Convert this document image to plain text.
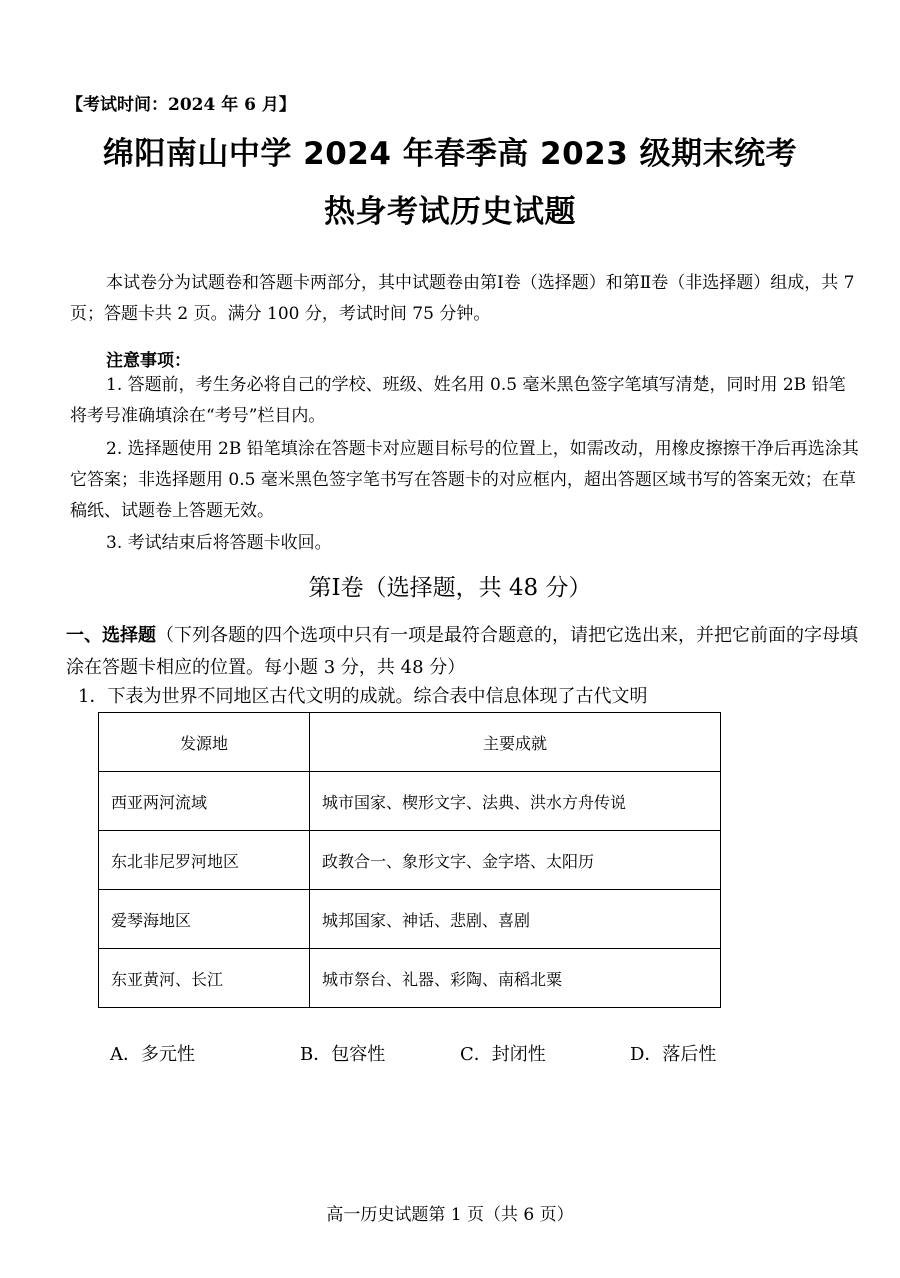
【考试时间：2024 年 6 月】
绵阳南山中学 2024 年春季高 2023 级期末统考
热身考试历史试题
本试卷分为试题卷和答题卡两部分，其中试题卷由第Ⅰ卷（选择题）和第Ⅱ卷（非选择题）组成，共 7 页；答题卡共 2 页。满分 100 分，考试时间 75 分钟。
注意事项：
1. 答题前，考生务必将自己的学校、班级、姓名用 0.5 毫米黑色签字笔填写清楚，同时用 2B 铅笔将考号准确填涂在“考号”栏目内。
2. 选择题使用 2B 铅笔填涂在答题卡对应题目标号的位置上，如需改动，用橡皮擦擦干净后再选涂其它答案；非选择题用 0.5 毫米黑色签字笔书写在答题卡的对应框内，超出答题区域书写的答案无效；在草稿纸、试题卷上答题无效。
3. 考试结束后将答题卡收回。
第Ⅰ卷（选择题，共 48 分）
一、选择题（下列各题的四个选项中只有一项是最符合题意的，请把它选出来，并把它前面的字母填涂在答题卡相应的位置。每小题 3 分，共 48 分）
1．下表为世界不同地区古代文明的成就。综合表中信息体现了古代文明
发源地	主要成就
西亚两河流域	城市国家、楔形文字、法典、洪水方舟传说
东北非尼罗河地区	政教合一、象形文字、金字塔、太阳历
爱琴海地区	城邦国家、神话、悲剧、喜剧
东亚黄河、长江	城市祭台、礼器、彩陶、南稻北粟
A．多元性	B．包容性	C．封闭性	D．落后性
高一历史试题第 1 页（共 6 页）
